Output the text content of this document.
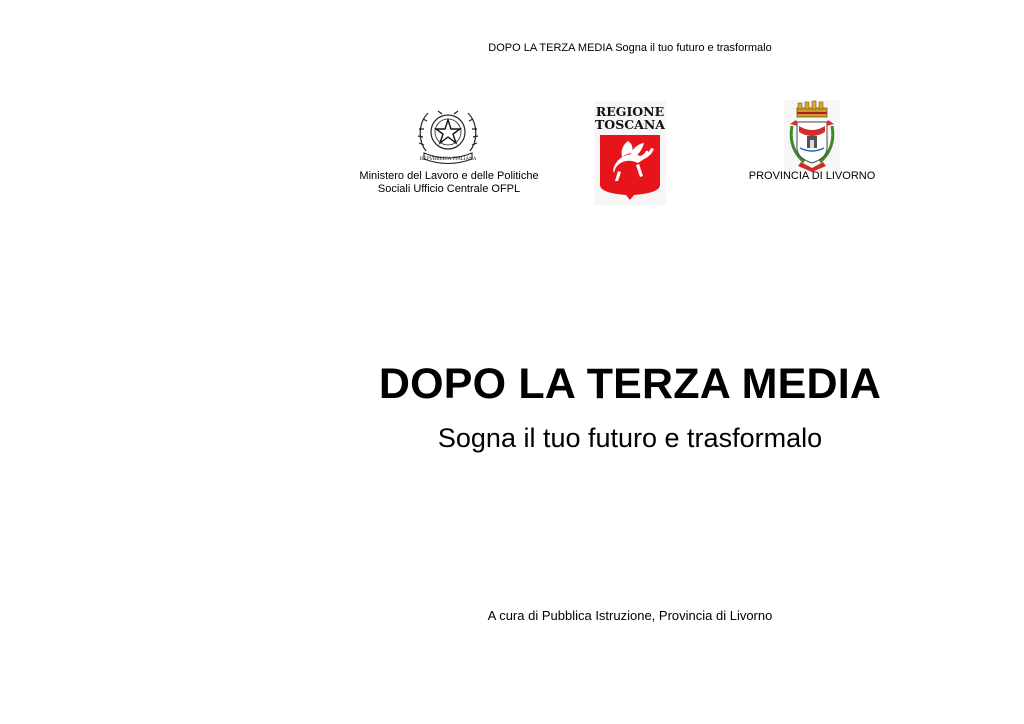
DOPO LA TERZA MEDIA Sogna il tuo futuro e trasformalo
REPVBBLICA ITALIANA
Ministero del Lavoro e delle Politiche
Sociali Ufficio Centrale OFPL
REGIONE
TOSCANA
PROVINCIA DI LIVORNO
DOPO LA TERZA MEDIA
Sogna il tuo futuro e trasformalo
A cura di Pubblica Istruzione, Provincia di Livorno
